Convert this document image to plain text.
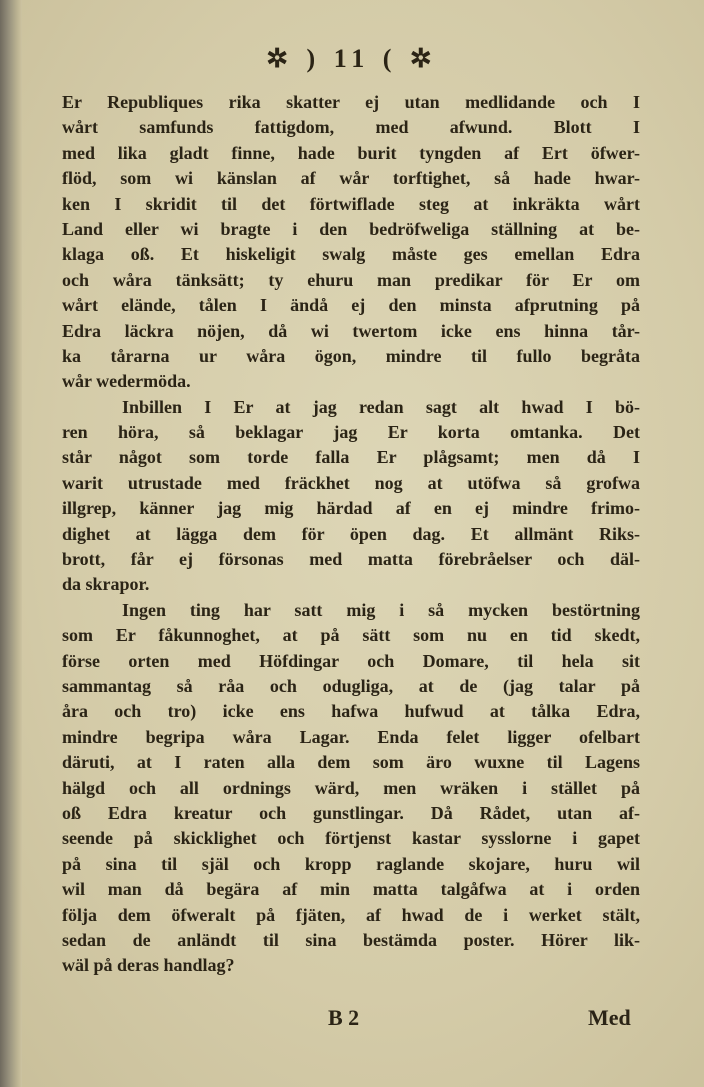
✲ ) 11 ( ✲
Er Republiques rika skatter ej utan medlidande och I
wårt samfunds fattigdom, med afwund. Blott I
med lika gladt finne, hade burit tyngden af Ert öfwer-
flöd, som wi känslan af wår torftighet, så hade hwar-
ken I skridit til det förtwiflade steg at inkräkta wårt
Land eller wi bragte i den bedröfweliga ställning at be-
klaga oß. Et hiskeligit swalg måste ges emellan Edra
och wåra tänksätt; ty ehuru man predikar för Er om
wårt elände, tålen I ändå ej den minsta afprutning på
Edra läckra nöjen, då wi twertom icke ens hinna tår-
ka tårarna ur wåra ögon, mindre til fullo begråta
wår wedermöda.
Inbillen I Er at jag redan sagt alt hwad I bö-
ren höra, så beklagar jag Er korta omtanka. Det
står något som torde falla Er plågsamt; men då I
warit utrustade med fräckhet nog at utöfwa så grofwa
illgrep, känner jag mig härdad af en ej mindre frimo-
dighet at lägga dem för öpen dag. Et allmänt Riks-
brott, får ej försonas med matta förebråelser och däl-
da skrapor.
Ingen ting har satt mig i så mycken bestörtning
som Er fåkunnoghet, at på sätt som nu en tid skedt,
förse orten med Höfdingar och Domare, til hela sit
sammantag så råa och odugliga, at de (jag talar på
åra och tro) icke ens hafwa hufwud at tålka Edra,
mindre begripa wåra Lagar. Enda felet ligger ofelbart
däruti, at I raten alla dem som äro wuxne til Lagens
hälgd och all ordnings wärd, men wräken i stället på
oß Edra kreatur och gunstlingar. Då Rådet, utan af-
seende på skicklighet och förtjenst kastar sysslorne i gapet
på sina til själ och kropp raglande skojare, huru wil
wil man då begära af min matta talgåfwa at i orden
följa dem öfweralt på fjäten, af hwad de i werket stält,
sedan de anländt til sina bestämda poster. Hörer lik-
wäl på deras handlag?
B 2	Med
